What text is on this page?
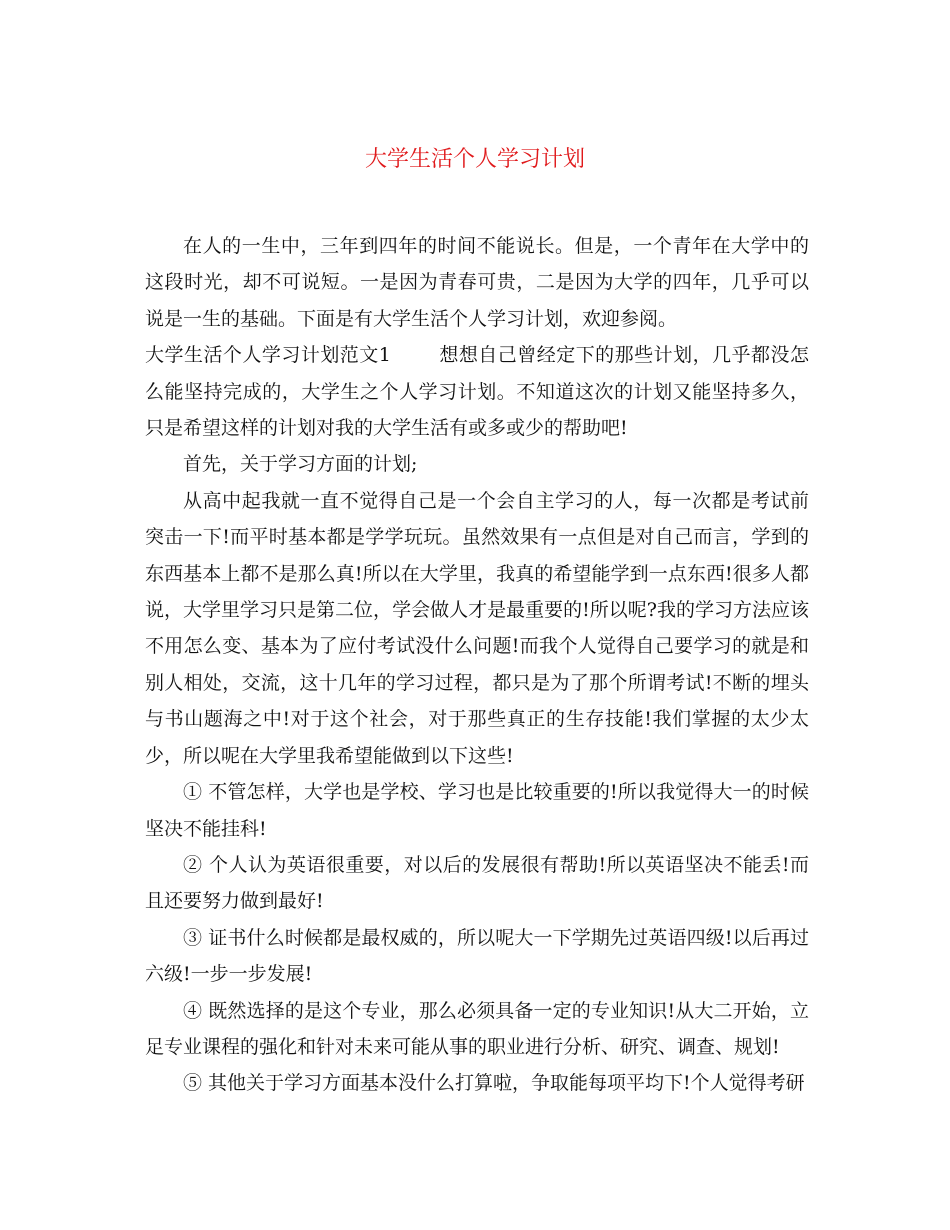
大学生活个人学习计划

在人的一生中，三年到四年的时间不能说长。但是，一个青年在大学中的这段时光，却不可说短。一是因为青春可贵，二是因为大学的四年，几乎可以说是一生的基础。下面是有大学生活个人学习计划，欢迎参阅。

大学生活个人学习计划范文1	想想自己曾经定下的那些计划，几乎都没怎么能坚持完成的，大学生之个人学习计划。不知道这次的计划又能坚持多久，只是希望这样的计划对我的大学生活有或多或少的帮助吧!

首先，关于学习方面的计划;

从高中起我就一直不觉得自己是一个会自主学习的人，每一次都是考试前突击一下!而平时基本都是学学玩玩。虽然效果有一点但是对自己而言，学到的东西基本上都不是那么真!所以在大学里，我真的希望能学到一点东西!很多人都说，大学里学习只是第二位，学会做人才是最重要的!所以呢?我的学习方法应该不用怎么变、基本为了应付考试没什么问题!而我个人觉得自己要学习的就是和别人相处，交流，这十几年的学习过程，都只是为了那个所谓考试!不断的埋头与书山题海之中!对于这个社会，对于那些真正的生存技能!我们掌握的太少太少，所以呢在大学里我希望能做到以下这些!

① 不管怎样，大学也是学校、学习也是比较重要的!所以我觉得大一的时候坚决不能挂科!

② 个人认为英语很重要，对以后的发展很有帮助!所以英语坚决不能丢!而且还要努力做到最好!

③ 证书什么时候都是最权威的，所以呢大一下学期先过英语四级!以后再过六级!一步一步发展!

④ 既然选择的是这个专业，那么必须具备一定的专业知识!从大二开始，立足专业课程的强化和针对未来可能从事的职业进行分析、研究、调查、规划!

⑤ 其他关于学习方面基本没什么打算啦，争取能每项平均下!个人觉得考研
